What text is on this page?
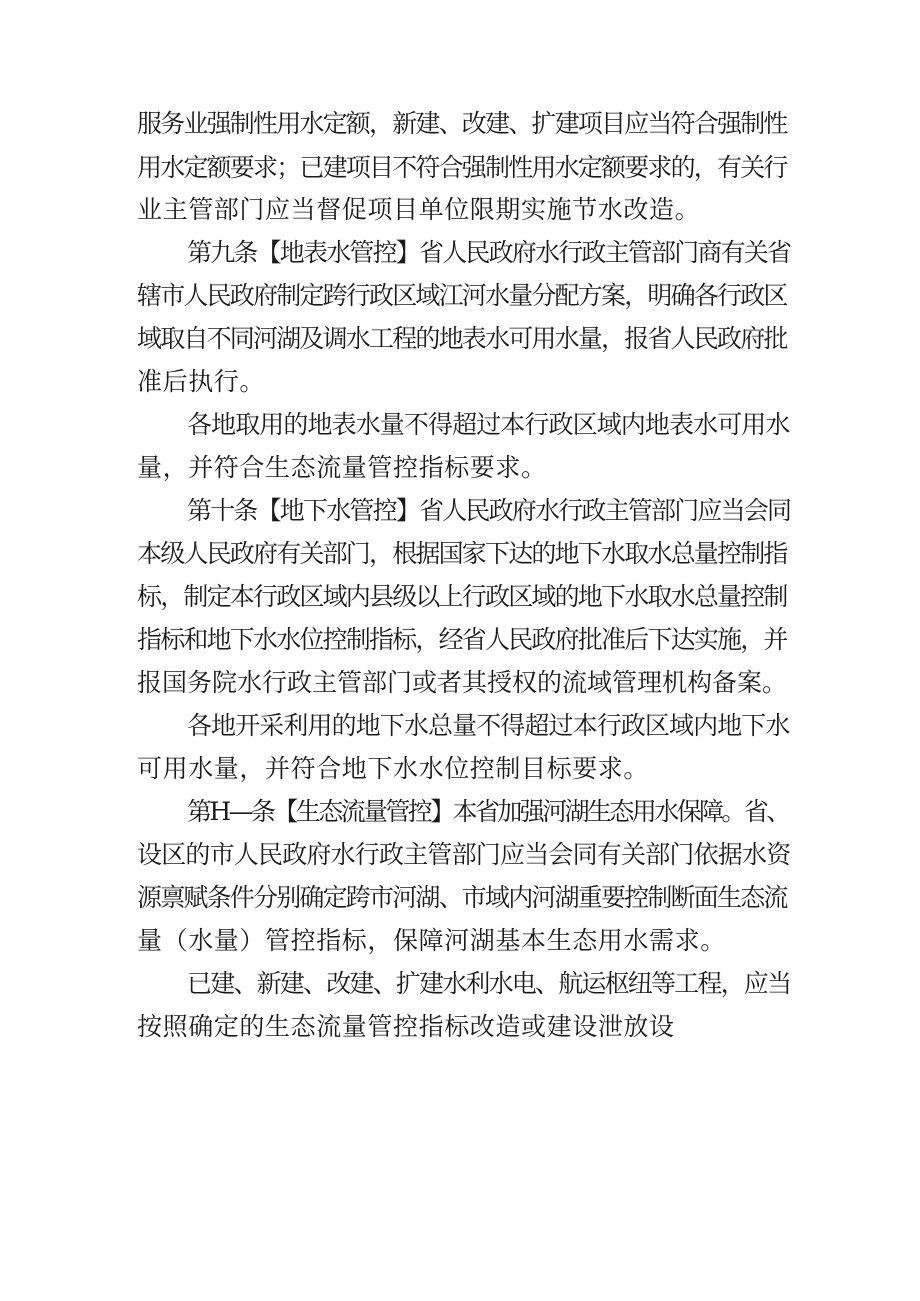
服务业强制性用水定额，新建、改建、扩建项目应当符合强制性
用水定额要求；已建项目不符合强制性用水定额要求的，有关行
业主管部门应当督促项目单位限期实施节水改造。
第九条【地表水管控】省人民政府水行政主管部门商有关省
辖市人民政府制定跨行政区域江河水量分配方案，明确各行政区
域取自不同河湖及调水工程的地表水可用水量，报省人民政府批
准后执行。
各地取用的地表水量不得超过本行政区域内地表水可用水
量，并符合生态流量管控指标要求。
第十条【地下水管控】省人民政府水行政主管部门应当会同
本级人民政府有关部门，根据国家下达的地下水取水总量控制指
标，制定本行政区域内县级以上行政区域的地下水取水总量控制
指标和地下水水位控制指标，经省人民政府批准后下达实施，并
报国务院水行政主管部门或者其授权的流域管理机构备案。
各地开采利用的地下水总量不得超过本行政区域内地下水
可用水量，并符合地下水水位控制目标要求。
第H—条【生态流量管控】本省加强河湖生态用水保障。省、
设区的市人民政府水行政主管部门应当会同有关部门依据水资
源禀赋条件分别确定跨市河湖、市域内河湖重要控制断面生态流
量（水量）管控指标，保障河湖基本生态用水需求。
已建、新建、改建、扩建水利水电、航运枢纽等工程，应当
按照确定的生态流量管控指标改造或建设泄放设
